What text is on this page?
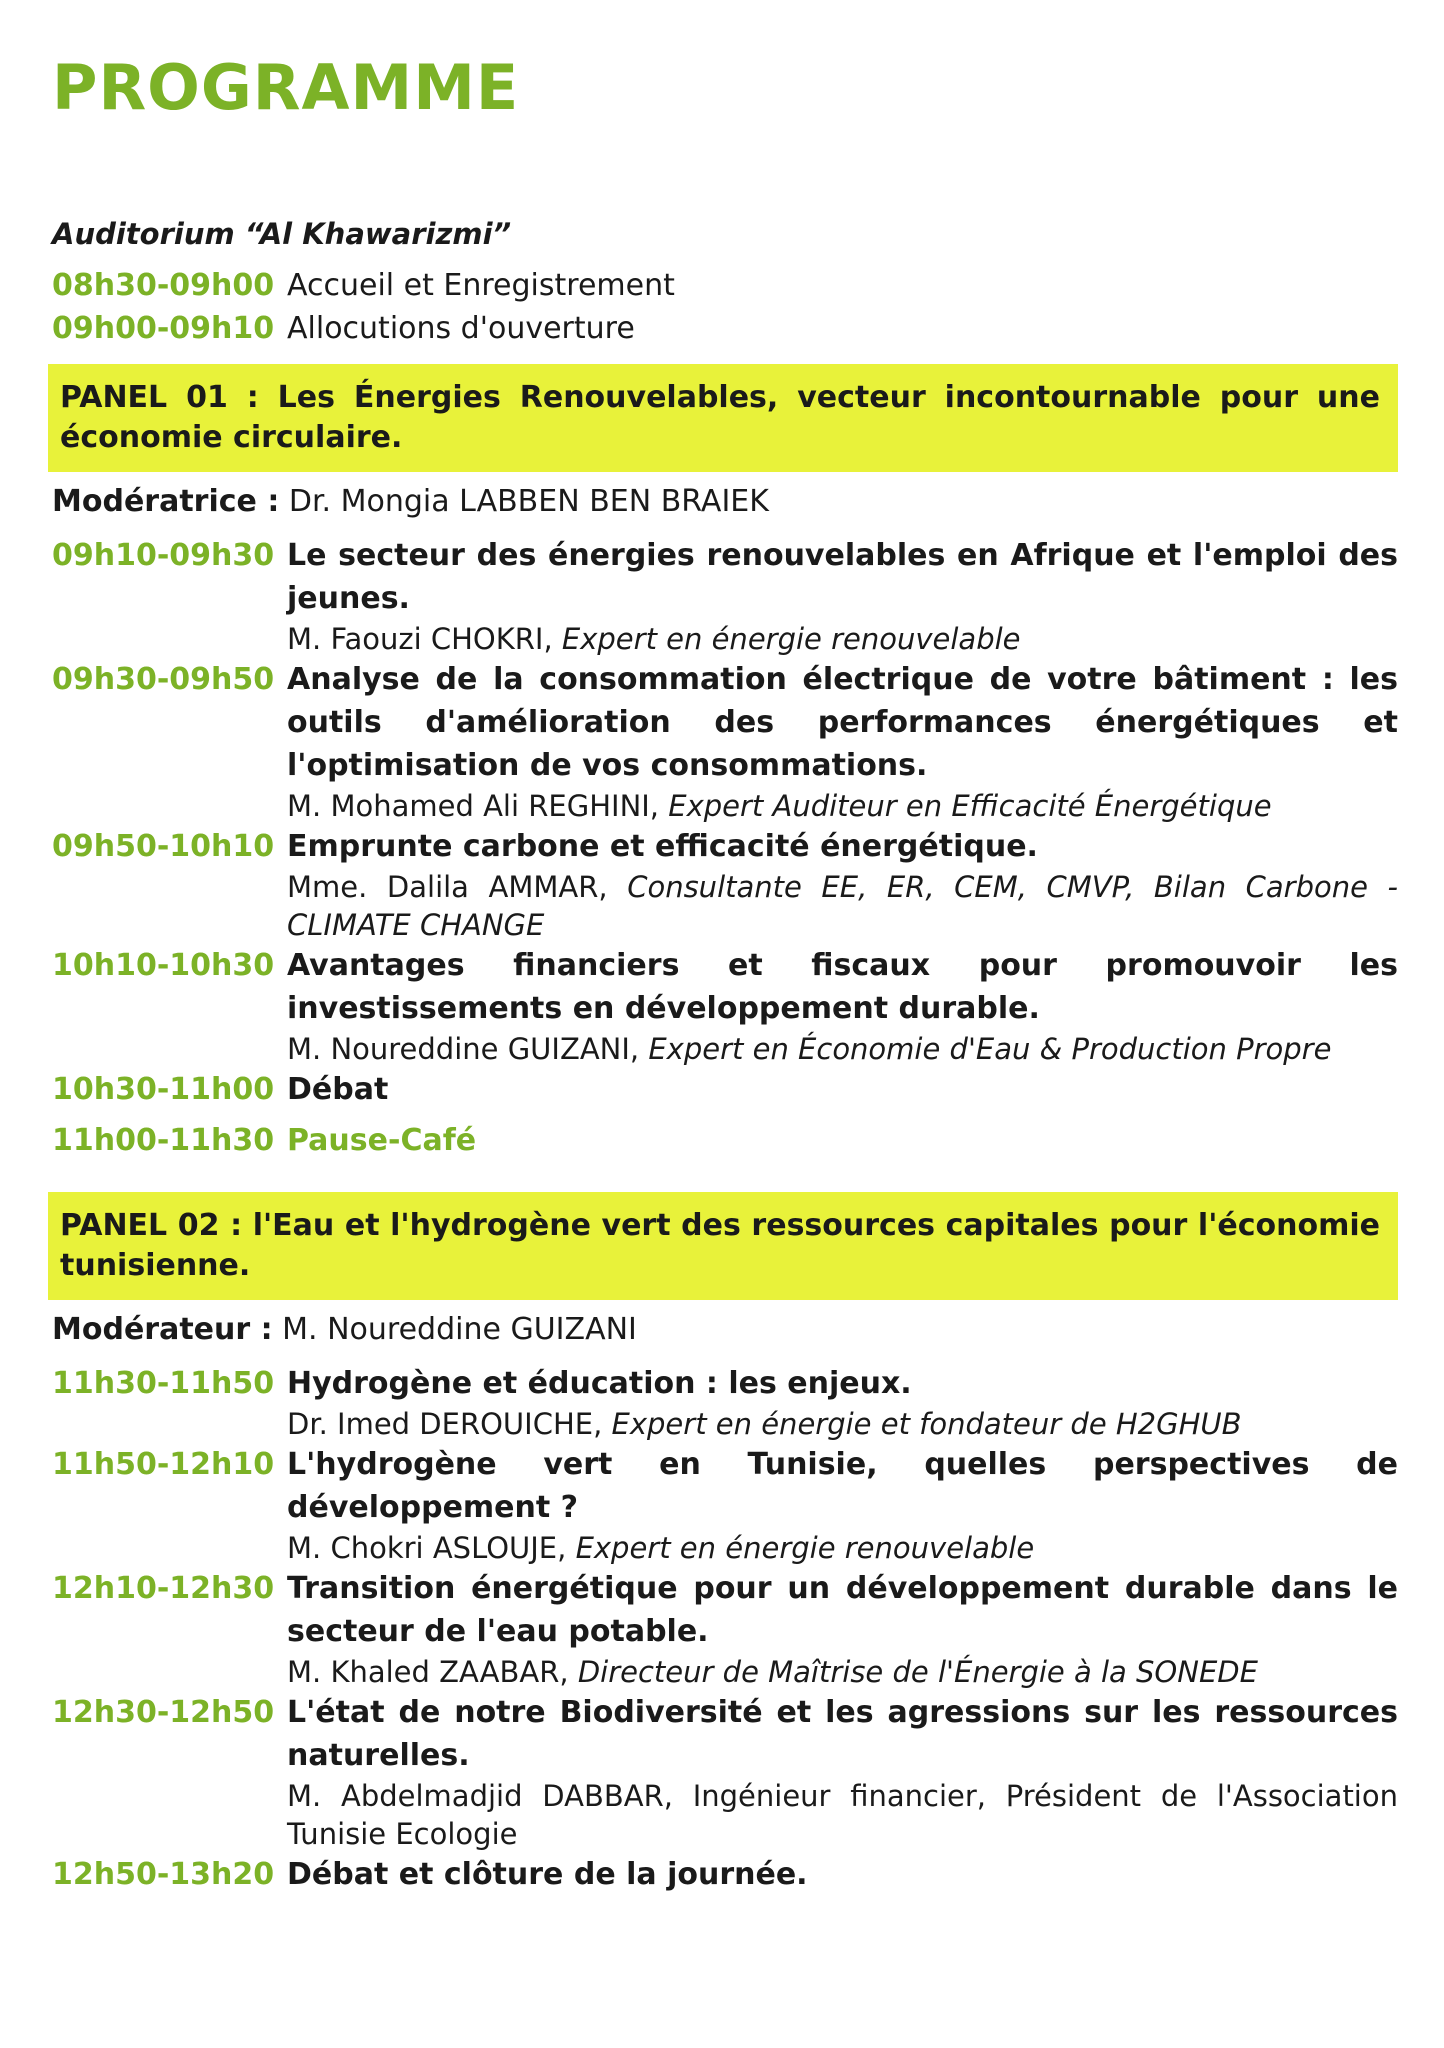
PROGRAMME
Auditorium “Al Khawarizmi”
08h30-09h00 Accueil et Enregistrement
09h00-09h10 Allocutions d'ouverture
PANEL 01 : Les Énergies Renouvelables, vecteur incontournable pour une économie circulaire.
Modératrice : Dr. Mongia LABBEN BEN BRAIEK
09h10-09h30 Le secteur des énergies renouvelables en Afrique et l'emploi des jeunes.
M. Faouzi CHOKRI, Expert en énergie renouvelable
09h30-09h50 Analyse de la consommation électrique de votre bâtiment : les outils d'amélioration des performances énergétiques et l'optimisation de vos consommations.
M. Mohamed Ali REGHINI, Expert Auditeur en Efficacité Énergétique
09h50-10h10 Emprunte carbone et efficacité énergétique.
Mme. Dalila AMMAR, Consultante EE, ER, CEM, CMVP, Bilan Carbone - CLIMATE CHANGE
10h10-10h30 Avantages financiers et fiscaux pour promouvoir les investissements en développement durable.
M. Noureddine GUIZANI, Expert en Économie d'Eau & Production Propre
10h30-11h00 Débat
11h00-11h30 Pause-Café
PANEL 02 : l'Eau et l'hydrogène vert des ressources capitales pour l'économie tunisienne.
Modérateur : M. Noureddine GUIZANI
11h30-11h50 Hydrogène et éducation : les enjeux.
Dr. Imed DEROUICHE, Expert en énergie et fondateur de H2GHUB
11h50-12h10 L'hydrogène vert en Tunisie, quelles perspectives de développement ?
M. Chokri ASLOUJE, Expert en énergie renouvelable
12h10-12h30 Transition énergétique pour un développement durable dans le secteur de l'eau potable.
M. Khaled ZAABAR, Directeur de Maîtrise de l'Énergie à la SONEDE
12h30-12h50 L'état de notre Biodiversité et les agressions sur les ressources naturelles.
M. Abdelmadjid DABBAR, Ingénieur financier, Président de l'Association Tunisie Ecologie
12h50-13h20 Débat et clôture de la journée.
